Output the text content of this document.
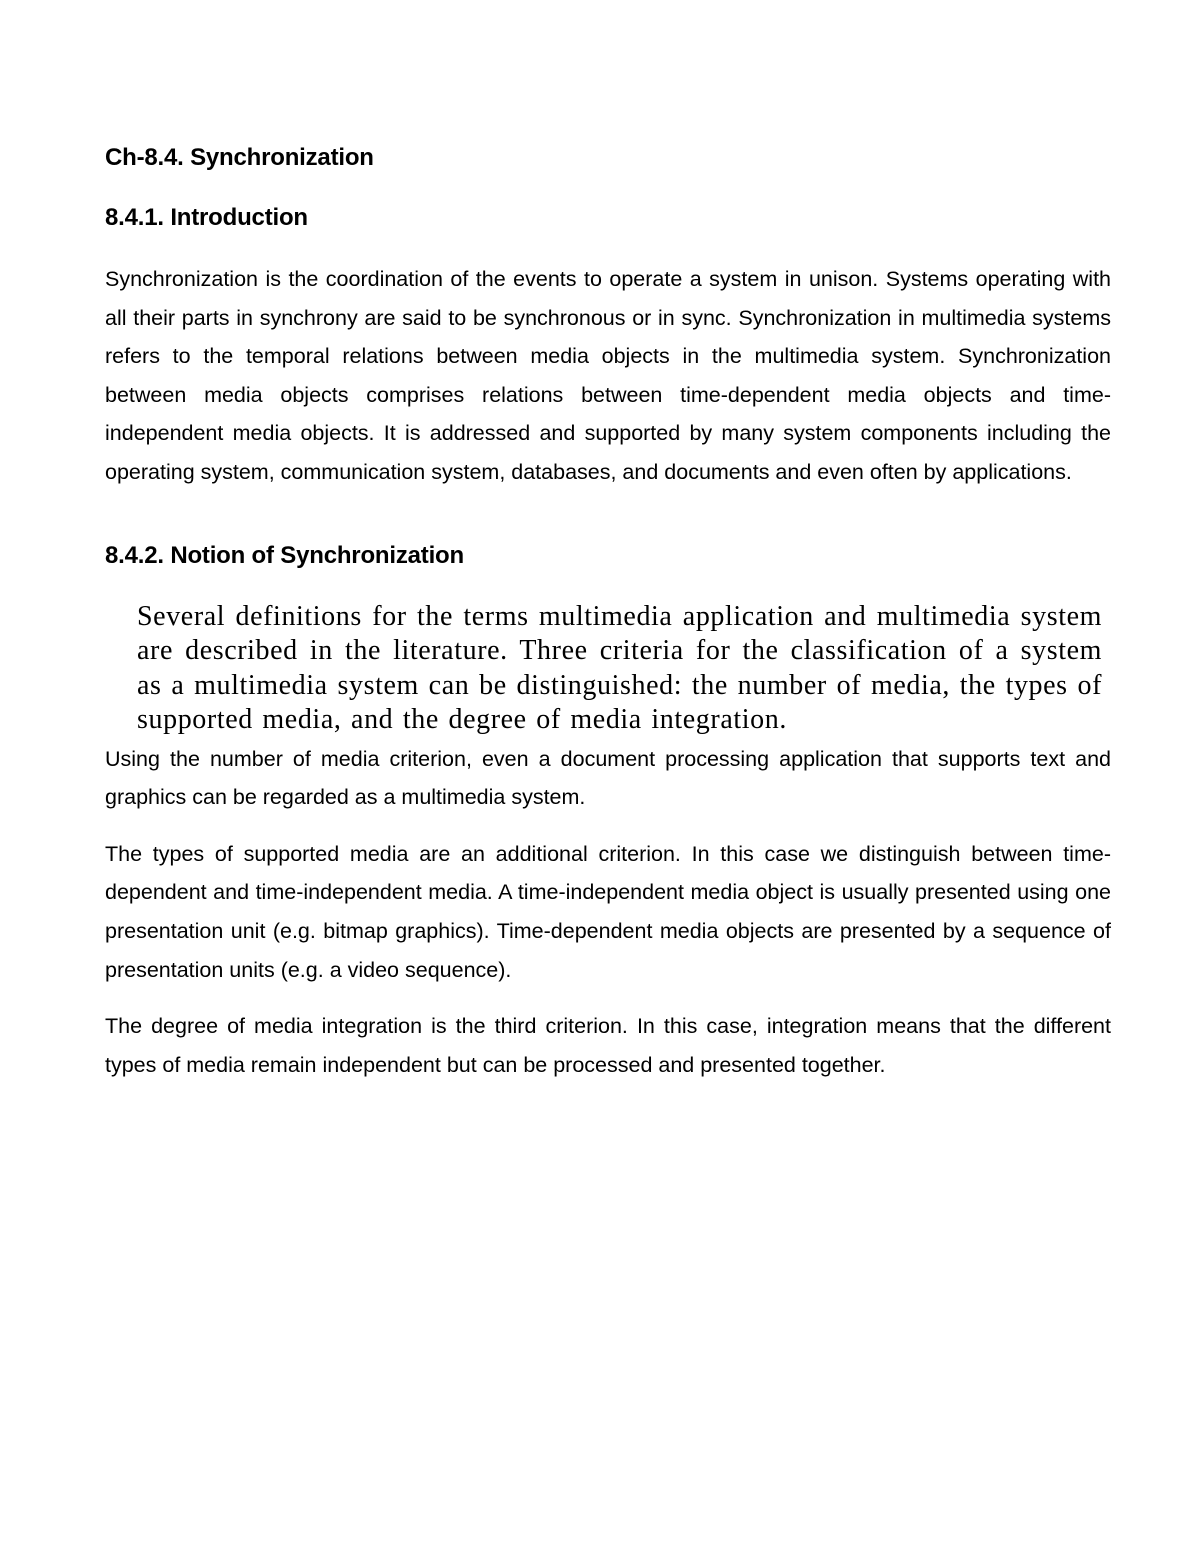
Ch-8.4. Synchronization
8.4.1. Introduction

Synchronization is the coordination of the events to operate a system in unison. Systems operating with all their parts in synchrony are said to be synchronous or in sync. Synchronization in multimedia systems refers to the temporal relations between media objects in the multimedia system. Synchronization between media objects comprises relations between time-dependent media objects and time-independent media objects. It is addressed and supported by many system components including the operating system, communication system, databases, and documents and even often by applications.

8.4.2. Notion of Synchronization

Several definitions for the terms multimedia application and multimedia system are described in the literature. Three criteria for the classification of a system as a multimedia system can be distinguished: the number of media, the types of supported media, and the degree of media integration.

Using the number of media criterion, even a document processing application that supports text and graphics can be regarded as a multimedia system.

The types of supported media are an additional criterion. In this case we distinguish between time-dependent and time-independent media. A time-independent media object is usually presented using one presentation unit (e.g. bitmap graphics). Time-dependent media objects are presented by a sequence of presentation units (e.g. a video sequence).

The degree of media integration is the third criterion. In this case, integration means that the different types of media remain independent but can be processed and presented together.
